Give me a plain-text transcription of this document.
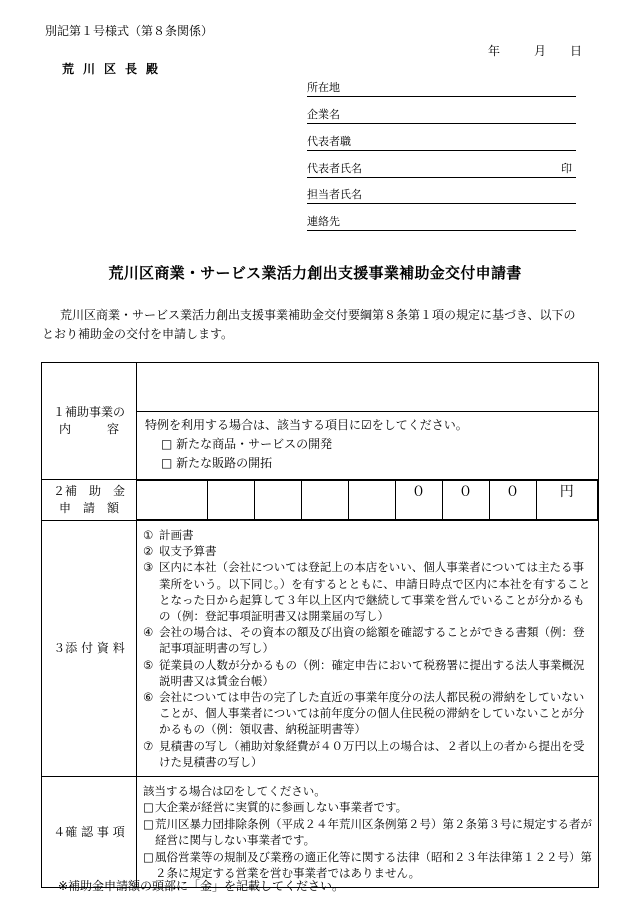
別記第１号様式（第８条関係）
年	月 日
荒川区長殿
所在地
企業名
代表者職
代表者氏名	印
担当者氏名
連絡先
荒川区商業・サービス業活力創出支援事業補助金交付申請書
荒川区商業・サービス業活力創出支援事業補助金交付要綱第８条第１項の規定に基づき、以下のとおり補助金の交付を申請します。
１補助事業の
内　　　容

特例を利用する場合は、該当する項目に☑をしてください。
□ 新たな商品・サービスの開発
□ 新たな販路の開拓

２補　助　金
申　請　額

					０	０	０	円

３添 付 資 料	
① 計画書
② 収支予算書
③ 区内に本社（会社については登記上の本店をいい、個人事業者については主たる事業所をいう。以下同じ。）を有するとともに、申請日時点で区内に本社を有することとなった日から起算して３年以上区内で継続して事業を営んでいることが分かるもの（例：登記事項証明書又は開業届の写し）
④ 会社の場合は、その資本の額及び出資の総額を確認することができる書類（例：登記事項証明書の写し）
⑤ 従業員の人数が分かるもの（例：確定申告において税務署に提出する法人事業概況説明書又は賃金台帳）
⑥ 会社については申告の完了した直近の事業年度分の法人都民税の滞納をしていないことが、個人事業者については前年度分の個人住民税の滞納をしていないことが分かるもの（例：領収書、納税証明書等）
⑦ 見積書の写し（補助対象経費が４０万円以上の場合は、２者以上の者から提出を受けた見積書の写し）

４確 認 事 項	
該当する場合は☑をしてください。
□ 大企業が経営に実質的に参画しない事業者です。
□ 荒川区暴力団排除条例（平成２４年荒川区条例第２号）第２条第３号に規定する者が経営に関与しない事業者です。
□ 風俗営業等の規制及び業務の適正化等に関する法律（昭和２３年法律第１２２号）第２条に規定する営業を営む事業者ではありません。
※補助金申請額の頭部に「金」を記載してください。
